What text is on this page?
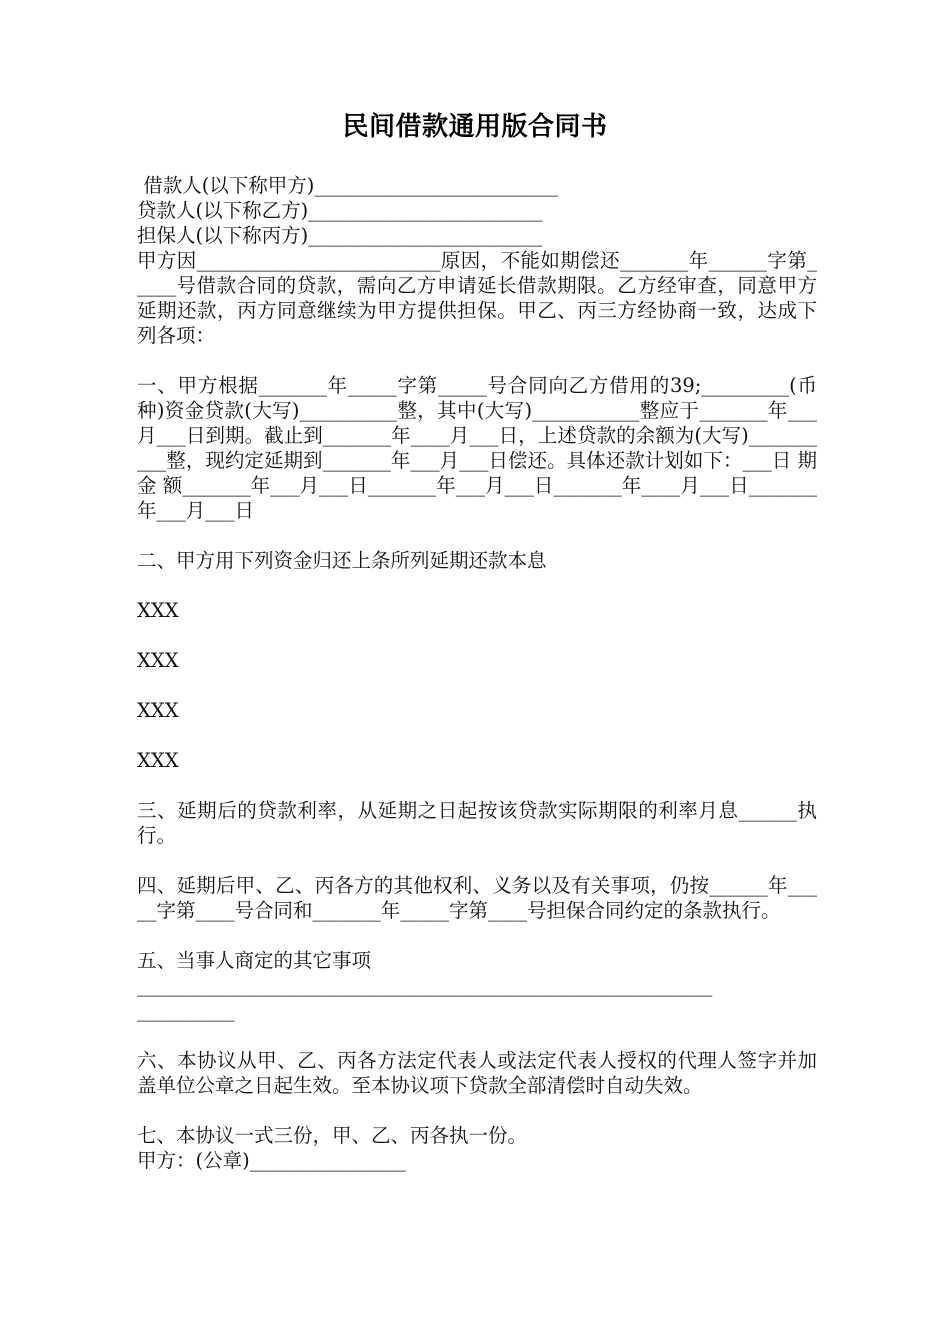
民间借款通用版合同书

借款人(以下称甲方)_________________________

贷款人(以下称乙方)________________________

担保人(以下称丙方)________________________

甲方因_________________________原因，不能如期偿还_______年______字第_____号借款合同的贷款，需向乙方申请延长借款期限。乙方经审查，同意甲方延期还款，丙方同意继续为甲方提供担保。甲乙、丙三方经协商一致，达成下列各项：

一、甲方根据_______年_____字第_____号合同向乙方借用的39;_________(币种)资金贷款(大写)__________整，其中(大写)___________整应于_______年___月___日到期。截止到_______年____月___日，上述贷款的余额为(大写)__________整，现约定延期到_______年___月___日偿还。具体还款计划如下：___日 期 金 额_______年___月___日_______年___月___日_______年____月___日_______年___月___日

二、甲方用下列资金归还上条所列延期还款本息

XXX

XXX

XXX

XXX

三、延期后的贷款利率，从延期之日起按该贷款实际期限的利率月息______执行。

四、延期后甲、乙、丙各方的其他权利、义务以及有关事项，仍按______年_____字第____号合同和_______年_____字第____号担保合同约定的条款执行。

五、当事人商定的其它事项

___________________________________________________________

__________

六、本协议从甲、乙、丙各方法定代表人或法定代表人授权的代理人签字并加盖单位公章之日起生效。至本协议项下贷款全部清偿时自动失效。

七、本协议一式三份，甲、乙、丙各执一份。

甲方：(公章)________________
